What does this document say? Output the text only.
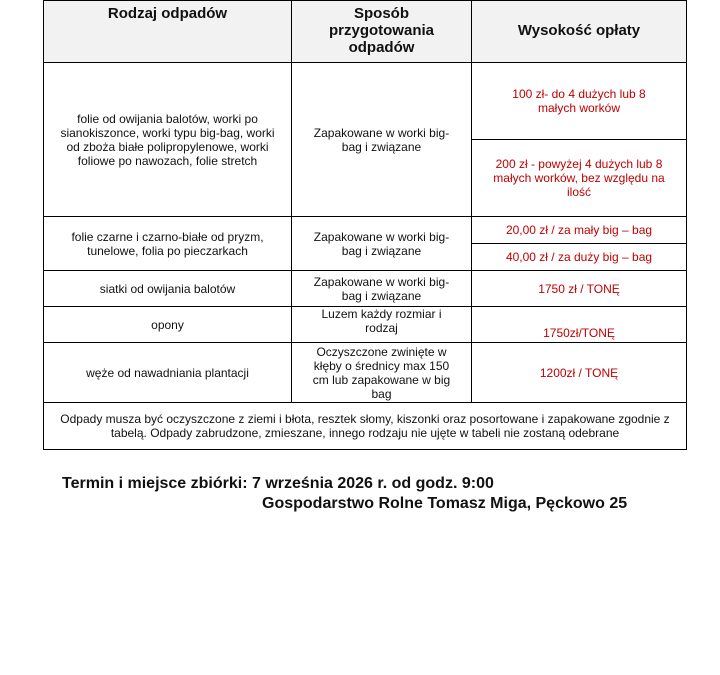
Rodzaj odpadów	Sposób przygotowania odpadów	Wysokość opłaty
folie od owijania balotów, worki po sianokiszonce, worki typu big-bag, worki od zboża białe polipropylenowe, worki foliowe po nawozach, folie stretch	Zapakowane w worki big-bag i związane	100 zł- do 4 dużych lub 8 małych worków
		200 zł - powyżej 4 dużych lub 8 małych worków, bez względu na ilość
folie czarne i czarno-białe od pryzm, tunelowe, folia po pieczarkach	Zapakowane w worki big-bag i związane	20,00 zł / za mały big – bag
		40,00 zł / za duży big – bag
siatki od owijania balotów	Zapakowane w worki big-bag i związane	1750 zł / TONĘ
opony	Luzem każdy rozmiar i rodzaj	1750zł/TONĘ
węże od nawadniania plantacji	Oczyszczone zwinięte w kłęby o średnicy max 150 cm lub zapakowane w big bag	1200zł / TONĘ
Odpady musza być oczyszczone z ziemi i błota, resztek słomy, kiszonki oraz posortowane i zapakowane zgodnie z tabelą. Odpady zabrudzone, zmieszane, innego rodzaju nie ujęte w tabeli nie zostaną odebrane		
Termin i miejsce zbiórki: 7 września 2026 r. od godz. 9:00
Gospodarstwo Rolne Tomasz Miga, Pęckowo 25
